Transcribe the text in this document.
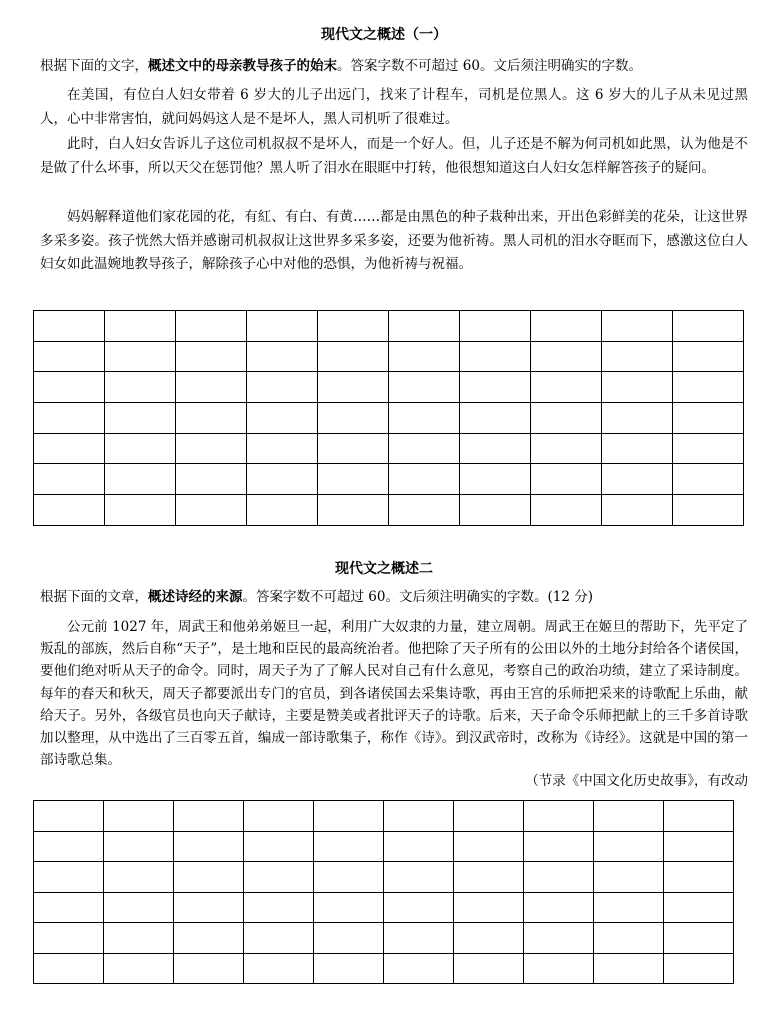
现代文之概述（一）
根据下面的文字，概述文中的母亲教导孩子的始末。答案字数不可超过 60。文后须注明确实的字数。
在美国，有位白人妇女带着 6 岁大的儿子出远门，找来了计程车，司机是位黑人。这 6 岁大的儿子从未见过黑人，心中非常害怕，就问妈妈这人是不是坏人，黑人司机听了很难过。
此时，白人妇女告诉儿子这位司机叔叔不是坏人，而是一个好人。但，儿子还是不解为何司机如此黑，认为他是不是做了什么坏事，所以天父在惩罚他？黑人听了泪水在眼眶中打转，他很想知道这白人妇女怎样解答孩子的疑问。
妈妈解释道他们家花园的花，有紅、有白、有黄……都是由黑色的种子栽种出来，开出色彩鲜美的花朵，让这世界多采多姿。孩子恍然大悟并感谢司机叔叔让这世界多采多姿，还要为他祈祷。黑人司机的泪水夺眶而下，感激这位白人妇女如此温婉地教导孩子，解除孩子心中对他的恐惧，为他祈祷与祝福。

现代文之概述二
根据下面的文章，概述诗经的来源。答案字数不可超过 60。文后须注明确实的字数。(12 分)
公元前 1027 年，周武王和他弟弟姬旦一起，利用广大奴隶的力量，建立周朝。周武王在姬旦的帮助下，先平定了叛乱的部族，然后自称“天子”，是土地和臣民的最高统治者。他把除了天子所有的公田以外的土地分封给各个诸侯国，要他们绝对听从天子的命令。同时，周天子为了了解人民对自己有什么意见，考察自己的政治功绩，建立了采诗制度。每年的春天和秋天，周天子都要派出专门的官员，到各诸侯国去采集诗歌，再由王宫的乐师把采来的诗歌配上乐曲，献给天子。另外，各级官员也向天子献诗，主要是赞美或者批评天子的诗歌。后来，天子命令乐师把献上的三千多首诗歌加以整理，从中选出了三百零五首，编成一部诗歌集子，称作《诗》。到汉武帝时，改称为《诗经》。这就是中国的第一部诗歌总集。
（节录《中国文化历史故事》，有改动
